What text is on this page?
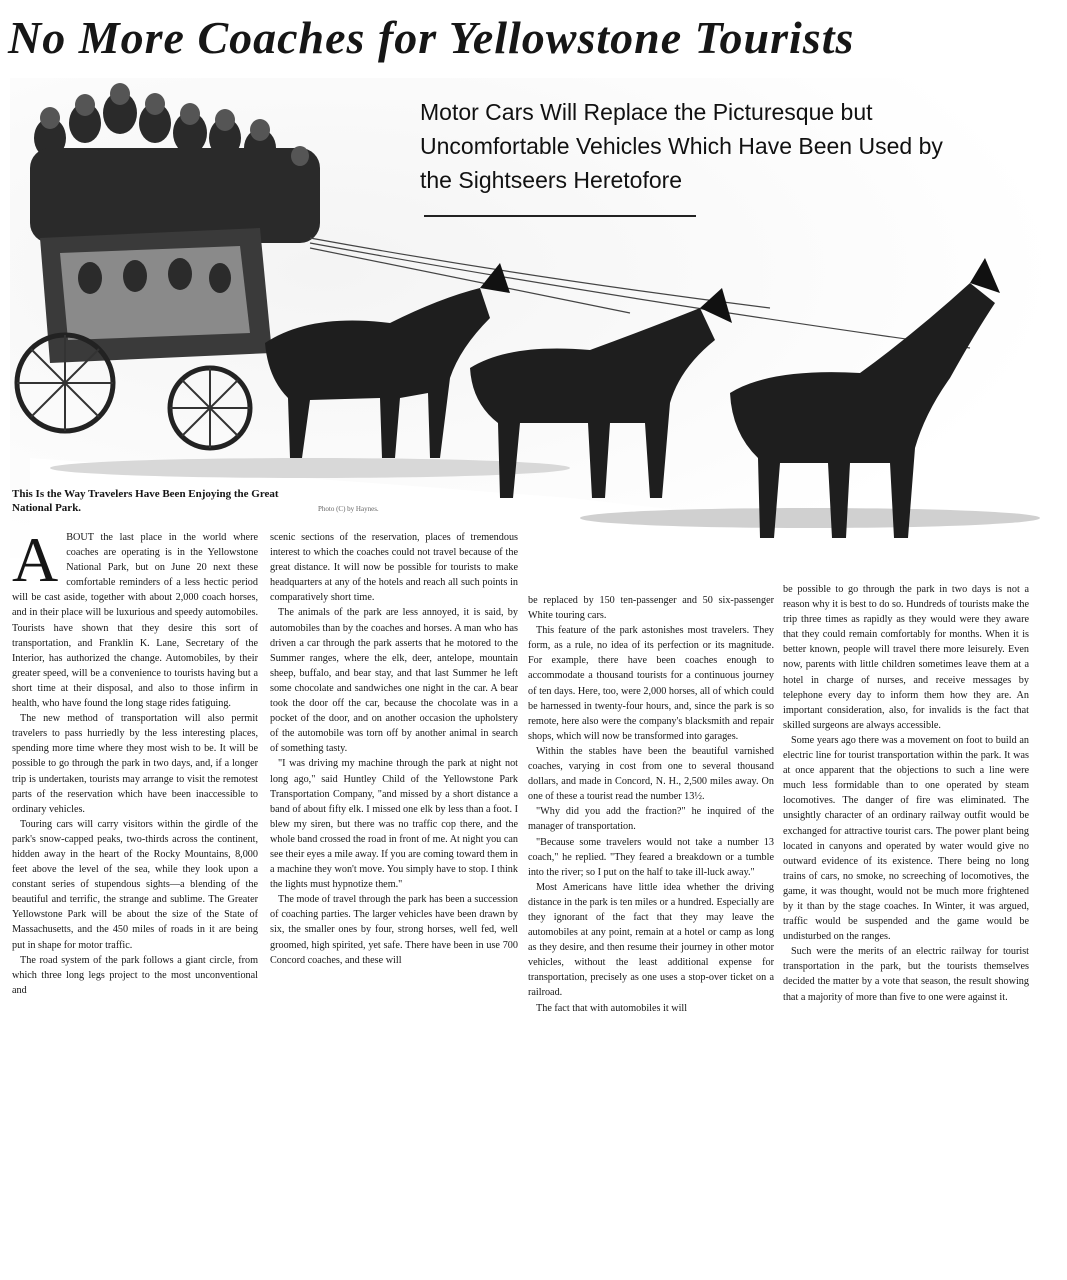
No More Coaches for Yellowstone Tourists
Motor Cars Will Replace the Picturesque but Uncomfortable Vehicles Which Have Been Used by the Sightseers Heretofore
This Is the Way Travelers Have Been Enjoying the Great National Park.	Photo (C) by Haynes.

ABOUT the last place in the world where coaches are operating is in the Yellowstone National Park, but on June 20 next these comfortable reminders of a less hectic period will be cast aside, together with about 2,000 coach horses, and in their place will be luxurious and speedy automobiles. Tourists have shown that they desire this sort of transportation, and Franklin K. Lane, Secretary of the Interior, has authorized the change. Automobiles, by their greater speed, will be a convenience to tourists having but a short time at their disposal, and also to those infirm in health, who have found the long stage rides fatiguing.

The new method of transportation will also permit travelers to pass hurriedly by the less interesting places, spending more time where they most wish to be. It will be possible to go through the park in two days, and, if a longer trip is undertaken, tourists may arrange to visit the remotest parts of the reservation which have been inaccessible to ordinary vehicles.

Touring cars will carry visitors within the girdle of the park's snow-capped peaks, two-thirds across the continent, hidden away in the heart of the Rocky Mountains, 8,000 feet above the level of the sea, while they look upon a constant series of stupendous sights—a blending of the beautiful and terrific, the strange and sublime. The Greater Yellowstone Park will be about the size of the State of Massachusetts, and the 450 miles of roads in it are being put in shape for motor traffic.

The road system of the park follows a giant circle, from which three long legs project to the most unconventional and

scenic sections of the reservation, places of tremendous interest to which the coaches could not travel because of the great distance. It will now be possible for tourists to make headquarters at any of the hotels and reach all such points in comparatively short time.

The animals of the park are less annoyed, it is said, by automobiles than by the coaches and horses. A man who has driven a car through the park asserts that he motored to the Summer ranges, where the elk, deer, antelope, mountain sheep, buffalo, and bear stay, and that last Summer he left some chocolate and sandwiches one night in the car. A bear took the door off the car, because the chocolate was in a pocket of the door, and on another occasion the upholstery of the automobile was torn off by another animal in search of something tasty.

"I was driving my machine through the park at night not long ago," said Huntley Child of the Yellowstone Park Transportation Company, "and missed by a short distance a band of about fifty elk. I missed one elk by less than a foot. I blew my siren, but there was no traffic cop there, and the whole band crossed the road in front of me. At night you can see their eyes a mile away. If you are coming toward them in a machine they won't move. You simply have to stop. I think the lights must hypnotize them."

The mode of travel through the park has been a succession of coaching parties. The larger vehicles have been drawn by six, the smaller ones by four, strong horses, well fed, well groomed, high spirited, yet safe. There have been in use 700 Concord coaches, and these will

be replaced by 150 ten-passenger and 50 six-passenger White touring cars.

This feature of the park astonishes most travelers. They form, as a rule, no idea of its perfection or its magnitude. For example, there have been coaches enough to accommodate a thousand tourists for a continuous journey of ten days. Here, too, were 2,000 horses, all of which could be harnessed in twenty-four hours, and, since the park is so remote, here also were the company's blacksmith and repair shops, which will now be transformed into garages.

Within the stables have been the beautiful varnished coaches, varying in cost from one to several thousand dollars, and made in Concord, N. H., 2,500 miles away. On one of these a tourist read the number 13½.

"Why did you add the fraction?" he inquired of the manager of transportation.

"Because some travelers would not take a number 13 coach," he replied. "They feared a breakdown or a tumble into the river; so I put on the half to take ill-luck away."

Most Americans have little idea whether the driving distance in the park is ten miles or a hundred. Especially are they ignorant of the fact that they may leave the automobiles at any point, remain at a hotel or camp as long as they desire, and then resume their journey in other motor vehicles, without the least additional expense for transportation, precisely as one uses a stop-over ticket on a railroad.

The fact that with automobiles it will

be possible to go through the park in two days is not a reason why it is best to do so. Hundreds of tourists make the trip three times as rapidly as they would were they aware that they could remain comfortably for months. When it is better known, people will travel there more leisurely. Even now, parents with little children sometimes leave them at a hotel in charge of nurses, and receive messages by telephone every day to inform them how they are. An important consideration, also, for invalids is the fact that skilled surgeons are always accessible.

Some years ago there was a movement on foot to build an electric line for tourist transportation within the park. It was at once apparent that the objections to such a line were much less formidable than to one operated by steam locomotives. The danger of fire was eliminated. The unsightly character of an ordinary railway outfit would be exchanged for attractive tourist cars. The power plant being located in canyons and operated by water would give no outward evidence of its existence. There being no long trains of cars, no smoke, no screeching of locomotives, the game, it was thought, would not be much more frightened by it than by the stage coaches. In Winter, it was argued, traffic would be suspended and the game would be undisturbed on the ranges.

Such were the merits of an electric railway for tourist transportation in the park, but the tourists themselves decided the matter by a vote that season, the result showing that a majority of more than five to one were against it.
